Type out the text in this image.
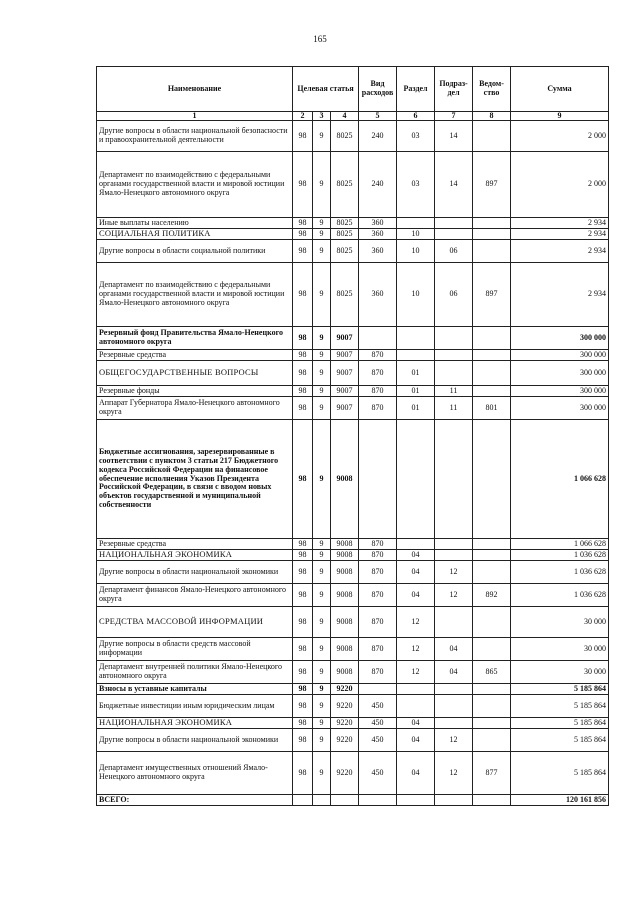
165
Наименование	Целевая статья			Вид расходов	Раздел	Подраз-дел	Ведом-ство	Сумма
1	2	3	4	5	6	7	8	9
Другие вопросы в области национальной безопасности и правоохранительной деятельности	98	9	8025	240	03	14		2 000
Департамент по взаимодействию с федеральными органами государственной власти и мировой юстиции Ямало-Ненецкого автономного округа	98	9	8025	240	03	14	897	2 000
Иные выплаты населению	98	9	8025	360				2 934
СОЦИАЛЬНАЯ ПОЛИТИКА	98	9	8025	360	10			2 934
Другие вопросы в области социальной политики	98	9	8025	360	10	06		2 934
Департамент по взаимодействию с федеральными органами государственной власти и мировой юстиции Ямало-Ненецкого автономного округа	98	9	8025	360	10	06	897	2 934
Резервный фонд Правительства Ямало-Ненецкого автономного округа	98	9	9007					300 000
Резервные средства	98	9	9007	870				300 000
ОБЩЕГОСУДАРСТВЕННЫЕ ВОПРОСЫ	98	9	9007	870	01			300 000
Резервные фонды	98	9	9007	870	01	11		300 000
Аппарат Губернатора Ямало-Ненецкого автономного округа	98	9	9007	870	01	11	801	300 000
Бюджетные ассигнования, зарезервированные в соответствии с пунктом 3 статьи 217 Бюджетного кодекса Российской Федерации на финансовое обеспечение исполнения Указов Президента Российской Федерации, в связи с вводом новых объектов государственной и муниципальной собственности	98	9	9008					1 066 628
Резервные средства	98	9	9008	870				1 066 628
НАЦИОНАЛЬНАЯ ЭКОНОМИКА	98	9	9008	870	04			1 036 628
Другие вопросы в области национальной экономики	98	9	9008	870	04	12		1 036 628
Департамент финансов Ямало-Ненецкого автономного округа	98	9	9008	870	04	12	892	1 036 628
СРЕДСТВА МАССОВОЙ ИНФОРМАЦИИ	98	9	9008	870	12			30 000
Другие вопросы в области средств массовой информации	98	9	9008	870	12	04		30 000
Департамент внутренней политики Ямало-Ненецкого автономного округа	98	9	9008	870	12	04	865	30 000
Взносы в уставные капиталы	98	9	9220					5 185 864
Бюджетные инвестиции иным юридическим лицам	98	9	9220	450				5 185 864
НАЦИОНАЛЬНАЯ ЭКОНОМИКА	98	9	9220	450	04			5 185 864
Другие вопросы в области национальной экономики	98	9	9220	450	04	12		5 185 864
Департамент имущественных отношений Ямало-Ненецкого автономного округа	98	9	9220	450	04	12	877	5 185 864
ВСЕГО:								120 161 856
